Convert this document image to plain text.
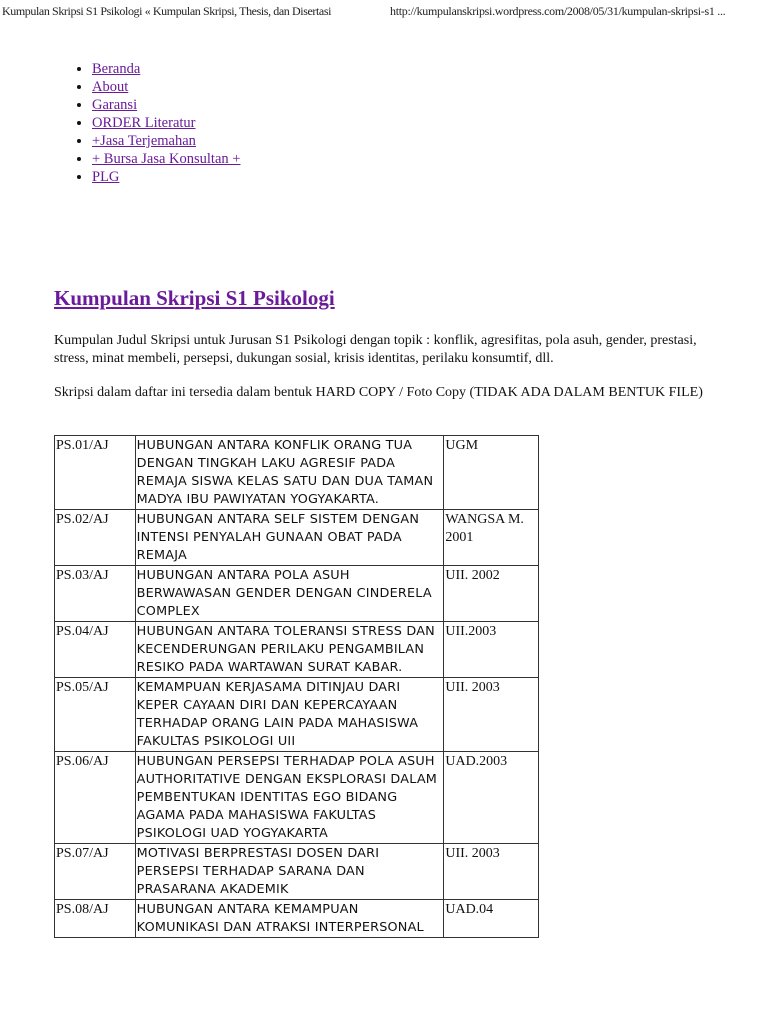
Kumpulan Skripsi S1 Psikologi « Kumpulan Skripsi, Thesis, dan Disertasi	http://kumpulanskripsi.wordpress.com/2008/05/31/kumpulan-skripsi-s1 ...
• Beranda
• About
• Garansi
• ORDER Literatur
• +Jasa Terjemahan
• + Bursa Jasa Konsultan +
• PLG
Kumpulan Skripsi S1 Psikologi

Kumpulan Judul Skripsi untuk Jurusan S1 Psikologi dengan topik : konflik, agresifitas, pola asuh, gender, prestasi, stress, minat membeli, persepsi, dukungan sosial, krisis identitas, perilaku konsumtif, dll.

Skripsi dalam daftar ini tersedia dalam bentuk HARD COPY / Foto Copy (TIDAK ADA DALAM BENTUK FILE)

PS.01/AJ	HUBUNGAN ANTARA KONFLIK ORANG TUA DENGAN TINGKAH LAKU AGRESIF PADA REMAJA SISWA KELAS SATU DAN DUA TAMAN MADYA IBU PAWIYATAN YOGYAKARTA.	UGM
PS.02/AJ	HUBUNGAN ANTARA SELF SISTEM DENGAN INTENSI PENYALAH GUNAAN OBAT PADA REMAJA	WANGSA M. 2001
PS.03/AJ	HUBUNGAN ANTARA POLA ASUH BERWAWASAN GENDER DENGAN CINDERELA COMPLEX	UII. 2002
PS.04/AJ	HUBUNGAN ANTARA TOLERANSI STRESS DAN KECENDERUNGAN PERILAKU PENGAMBILAN RESIKO PADA WARTAWAN SURAT KABAR.	UII.2003
PS.05/AJ	KEMAMPUAN KERJASAMA DITINJAU DARI KEPER CAYAAN DIRI DAN KEPERCAYAAN TERHADAP ORANG LAIN PADA MAHASISWA FAKULTAS PSIKOLOGI UII	UII. 2003
PS.06/AJ	HUBUNGAN PERSEPSI TERHADAP POLA ASUH AUTHORITATIVE DENGAN EKSPLORASI DALAM PEMBENTUKAN IDENTITAS EGO BIDANG AGAMA PADA MAHASISWA FAKULTAS PSIKOLOGI UAD YOGYAKARTA	UAD.2003
PS.07/AJ	MOTIVASI BERPRESTASI DOSEN DARI PERSEPSI TERHADAP SARANA DAN PRASARANA AKADEMIK	UII. 2003
PS.08/AJ	HUBUNGAN ANTARA KEMAMPUAN KOMUNIKASI DAN ATRAKSI INTERPERSONAL	UAD.04
